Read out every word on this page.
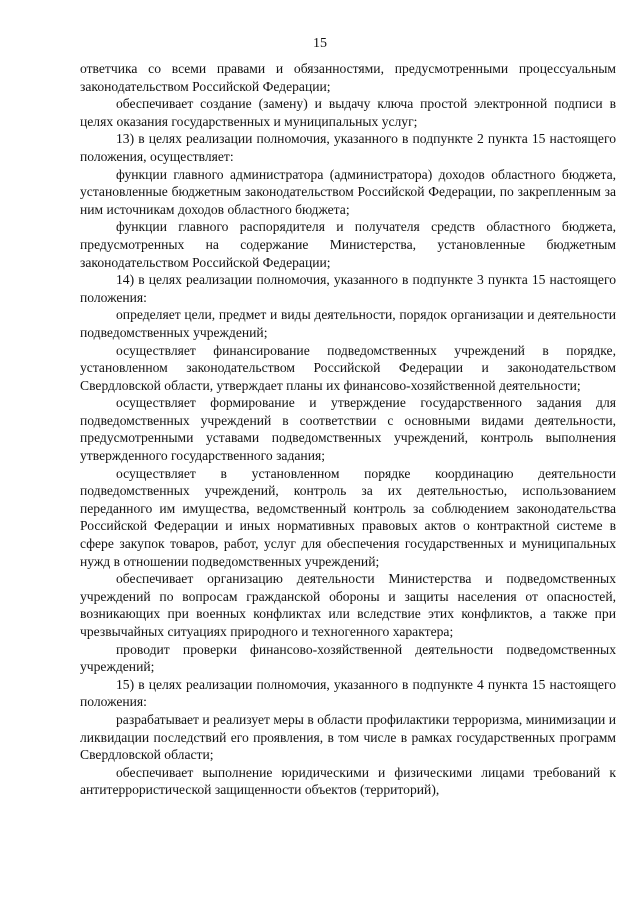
15

ответчика со всеми правами и обязанностями, предусмотренными процессуальным законодательством Российской Федерации;

обеспечивает создание (замену) и выдачу ключа простой электронной подписи в целях оказания государственных и муниципальных услуг;

13) в целях реализации полномочия, указанного в подпункте 2 пункта 15 настоящего положения, осуществляет:

функции главного администратора (администратора) доходов областного бюджета, установленные бюджетным законодательством Российской Федерации, по закрепленным за ним источникам доходов областного бюджета;

функции главного распорядителя и получателя средств областного бюджета, предусмотренных на содержание Министерства, установленные бюджетным законодательством Российской Федерации;

14) в целях реализации полномочия, указанного в подпункте 3 пункта 15 настоящего положения:

определяет цели, предмет и виды деятельности, порядок организации и деятельности подведомственных учреждений;

осуществляет финансирование подведомственных учреждений в порядке, установленном законодательством Российской Федерации и законодательством Свердловской области, утверждает планы их финансово-хозяйственной деятельности;

осуществляет формирование и утверждение государственного задания для подведомственных учреждений в соответствии с основными видами деятельности, предусмотренными уставами подведомственных учреждений, контроль выполнения утвержденного государственного задания;

осуществляет в установленном порядке координацию деятельности подведомственных учреждений, контроль за их деятельностью, использованием переданного им имущества, ведомственный контроль за соблюдением законодательства Российской Федерации и иных нормативных правовых актов о контрактной системе в сфере закупок товаров, работ, услуг для обеспечения государственных и муниципальных нужд в отношении подведомственных учреждений;

обеспечивает организацию деятельности Министерства и подведомственных учреждений по вопросам гражданской обороны и защиты населения от опасностей, возникающих при военных конфликтах или вследствие этих конфликтов, а также при чрезвычайных ситуациях природного и техногенного характера;

проводит проверки финансово-хозяйственной деятельности подведомственных учреждений;

15) в целях реализации полномочия, указанного в подпункте 4 пункта 15 настоящего положения:

разрабатывает и реализует меры в области профилактики терроризма, минимизации и ликвидации последствий его проявления, в том числе в рамках государственных программ Свердловской области;

обеспечивает выполнение юридическими и физическими лицами требований к антитеррористической защищенности объектов (территорий),
